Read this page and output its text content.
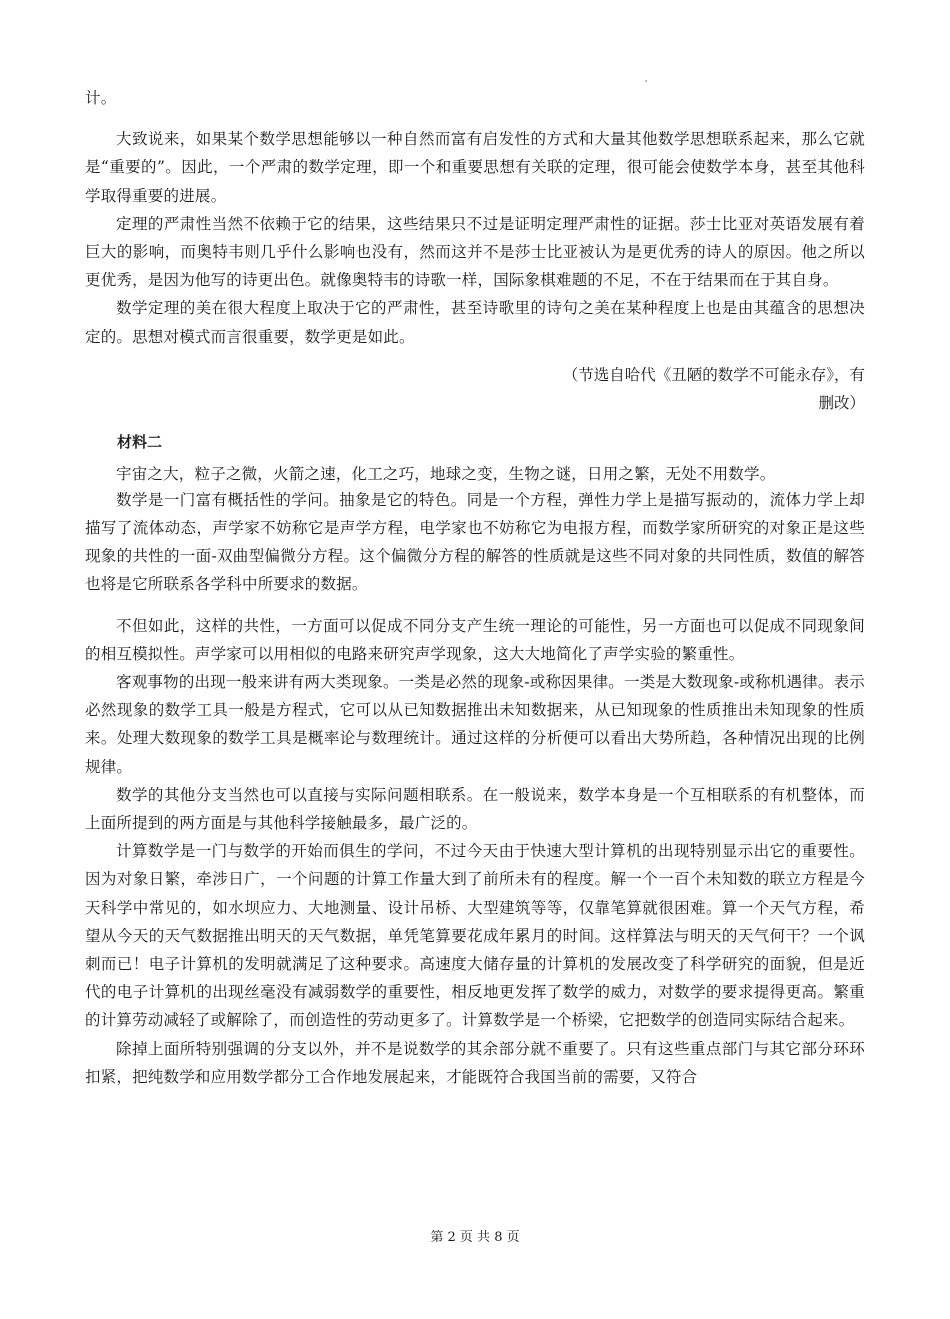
计。

大致说来，如果某个数学思想能够以一种自然而富有启发性的方式和大量其他数学思想联系起来，那么它就是“重要的”。因此，一个严肃的数学定理，即一个和重要思想有关联的定理，很可能会使数学本身，甚至其他科学取得重要的进展。

定理的严肃性当然不依赖于它的结果，这些结果只不过是证明定理严肃性的证据。莎士比亚对英语发展有着巨大的影响，而奥特韦则几乎什么影响也没有，然而这并不是莎士比亚被认为是更优秀的诗人的原因。他之所以更优秀，是因为他写的诗更出色。就像奥特韦的诗歌一样，国际象棋难题的不足，不在于结果而在于其自身。

数学定理的美在很大程度上取决于它的严肃性，甚至诗歌里的诗句之美在某种程度上也是由其蕴含的思想决定的。思想对模式而言很重要，数学更是如此。

（节选自哈代《丑陋的数学不可能永存》，有
删改）
材料二

宇宙之大，粒子之微，火箭之速，化工之巧，地球之变，生物之谜，日用之繁，无处不用数学。

数学是一门富有概括性的学问。抽象是它的特色。同是一个方程，弹性力学上是描写振动的，流体力学上却描写了流体动态，声学家不妨称它是声学方程，电学家也不妨称它为电报方程，而数学家所研究的对象正是这些现象的共性的一面-双曲型偏微分方程。这个偏微分方程的解答的性质就是这些不同对象的共同性质，数值的解答也将是它所联系各学科中所要求的数据。

不但如此，这样的共性，一方面可以促成不同分支产生统一理论的可能性，另一方面也可以促成不同现象间的相互模拟性。声学家可以用相似的电路来研究声学现象，这大大地简化了声学实验的繁重性。

客观事物的出现一般来讲有两大类现象。一类是必然的现象-或称因果律。一类是大数现象-或称机遇律。表示必然现象的数学工具一般是方程式，它可以从已知数据推出未知数据来，从已知现象的性质推出未知现象的性质来。处理大数现象的数学工具是概率论与数理统计。通过这样的分析便可以看出大势所趋，各种情况出现的比例规律。

数学的其他分支当然也可以直接与实际问题相联系。在一般说来，数学本身是一个互相联系的有机整体，而上面所提到的两方面是与其他科学接触最多，最广泛的。

计算数学是一门与数学的开始而俱生的学问，不过今天由于快速大型计算机的出现特别显示出它的重要性。因为对象日繁，牵涉日广，一个问题的计算工作量大到了前所未有的程度。解一个一百个未知数的联立方程是今天科学中常见的，如水坝应力、大地测量、设计吊桥、大型建筑等等，仅靠笔算就很困难。算一个天气方程，希望从今天的天气数据推出明天的天气数据，单凭笔算要花成年累月的时间。这样算法与明天的天气何干？一个讽刺而已！电子计算机的发明就满足了这种要求。高速度大储存量的计算机的发展改变了科学研究的面貌，但是近代的电子计算机的出现丝毫没有减弱数学的重要性，相反地更发挥了数学的威力，对数学的要求提得更高。繁重的计算劳动减轻了或解除了，而创造性的劳动更多了。计算数学是一个桥梁，它把数学的创造同实际结合起来。

除掉上面所特别强调的分支以外，并不是说数学的其余部分就不重要了。只有这些重点部门与其它部分环环扣紧，把纯数学和应用数学都分工合作地发展起来，才能既符合我国当前的需要，又符合

第 2 页 共 8 页
